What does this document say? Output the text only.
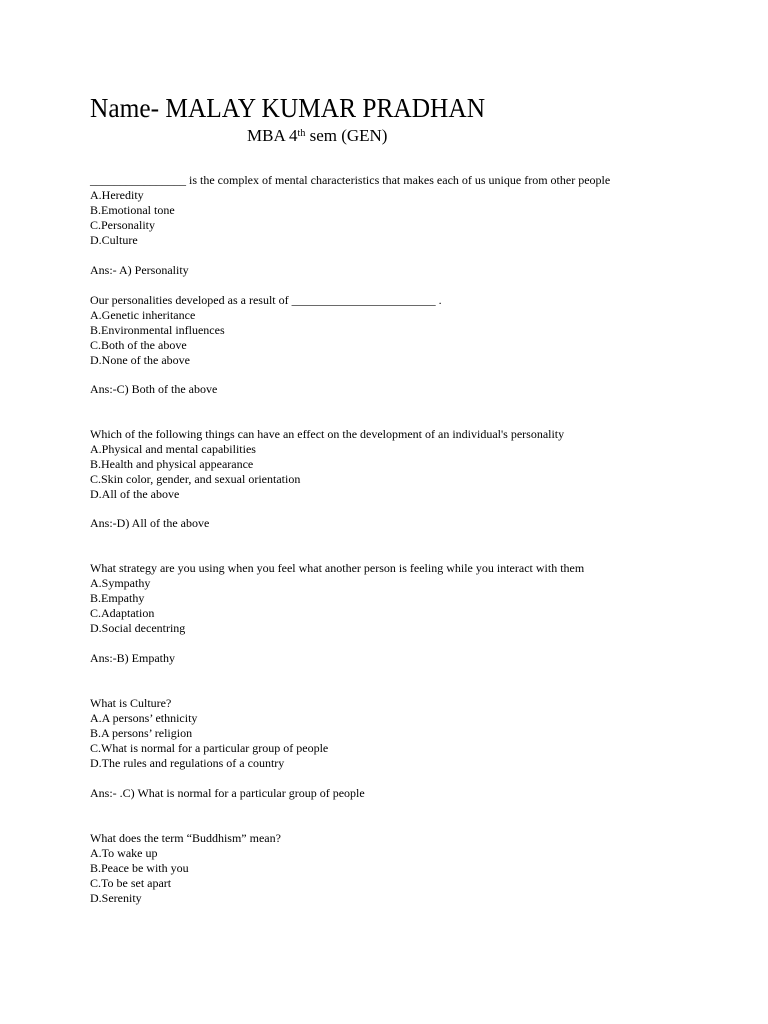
Name- MALAY KUMAR PRADHAN
MBA 4th sem (GEN)
________________ is the complex of mental characteristics that makes each of us unique from other people
A.Heredity
B.Emotional tone
C.Personality
D.Culture
Ans:- A) Personality
Our personalities developed as a result of ________________________ .
A.Genetic inheritance
B.Environmental influences
C.Both of the above
D.None of the above
Ans:-C) Both of the above
Which of the following things can have an effect on the development of an individual's personality
A.Physical and mental capabilities
B.Health and physical appearance
C.Skin color, gender, and sexual orientation
D.All of the above
Ans:-D) All of the above
What strategy are you using when you feel what another person is feeling while you interact with them
A.Sympathy
B.Empathy
C.Adaptation
D.Social decentring
Ans:-B) Empathy
What is Culture?
A.A persons’ ethnicity
B.A persons’ religion
C.What is normal for a particular group of people
D.The rules and regulations of a country
Ans:- .C) What is normal for a particular group of people
What does the term “Buddhism” mean?
A.To wake up
B.Peace be with you
C.To be set apart
D.Serenity
